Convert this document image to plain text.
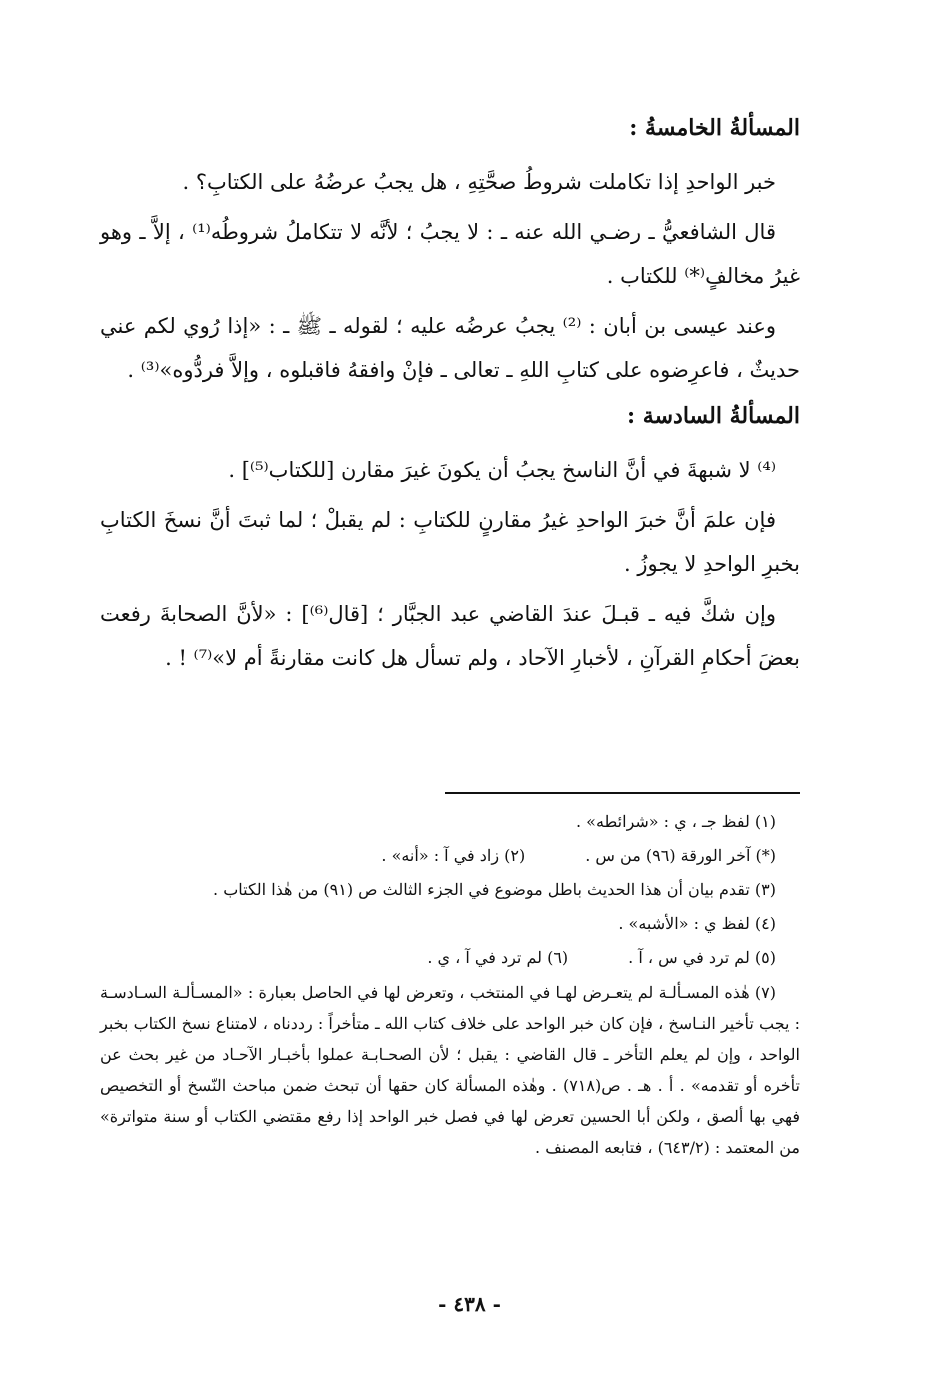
المسألةُ الخامسةُ :

خبر الواحدِ إذا تكاملت شروطُ صحَّتِهِ ، هل يجبُ عرضُهُ على الكتابِ؟ .

قال الشافعيُّ ـ رضـي الله عنه ـ : لا يجبُ ؛ لأنَّه لا تتكاملُ شروطُه⁽¹⁾ ، إلاَّ ـ وهو غيرُ مخالفٍ⁽*⁾ للكتاب .

وعند عيسى بن أبان : ⁽²⁾ يجبُ عرضُه عليه ؛ لقوله ـ ﷺ ـ : «إذا رُوي لكم عني حديثٌ ، فاعرِضوه على كتابِ اللهِ ـ تعالى ـ فإنْ وافقهُ فاقبلوه ، وإلاَّ فردُّوه»⁽³⁾ .

المسألةُ السادسة :

⁽⁴⁾ لا شبهةَ في أنَّ الناسخ يجبُ أن يكونَ غيرَ مقارن [للكتاب⁽⁵⁾] .

فإن علمَ أنَّ خبرَ الواحدِ غيرُ مقارنٍ للكتابِ : لم يقبلْ ؛ لما ثبتَ أنَّ نسخَ الكتابِ بخبرِ الواحدِ لا يجوزُ .

وإن شكَّ فيه ـ قبـلَ عندَ القاضي عبد الجبَّار ؛ [قال⁽⁶⁾] : «لأنَّ الصحابةَ رفعت بعضَ أحكامِ القرآنِ ، لأخبارِ الآحاد ، ولم تسأل هل كانت مقارنةً أم لا»⁽⁷⁾ ! .

(١) لفظ جـ ، ي : «شرائطه» .

(*) آخر الورقة (٩٦) من س .
(٢) زاد في آ : «أنه» .

(٣) تقدم بيان أن هذا الحديث باطل موضوع في الجزء الثالث ص (٩١) من هٰذا الكتاب .

(٤) لفظ ي : «الأشبه» .

(٥) لم ترد في س ، آ .
(٦) لم ترد في آ ، ي .

(٧) هٰذه المسـألـة لم يتعـرض لهـا في المنتخب ، وتعرض لها في الحاصل بعبارة : «المسـألـة السـادسـة : يجب تأخير النـاسخ ، فإن كان خبر الواحد على خلاف كتاب الله ـ متأخراً : رددناه ، لامتناع نسخ الكتاب بخبر الواحد ، وإن لم يعلم التأخر ـ قال القاضي : يقبل ؛ لأن الصحـابـة عملوا بأخبـار الآحـاد من غير بحث عن تأخره أو تقدمه» . أ . هـ . ص(٧١٨) . وهٰذه المسألة كان حقها أن تبحث ضمن مباحث النّسخ أو التخصيص فهي بها ألصق ، ولكن أبا الحسين تعرض لها في فصل خبر الواحد إذا رفع مقتضي الكتاب أو سنة متواترة» من المعتمد : (٦٤٣/٢) ، فتابعه المصنف .

- ٤٣٨ -
